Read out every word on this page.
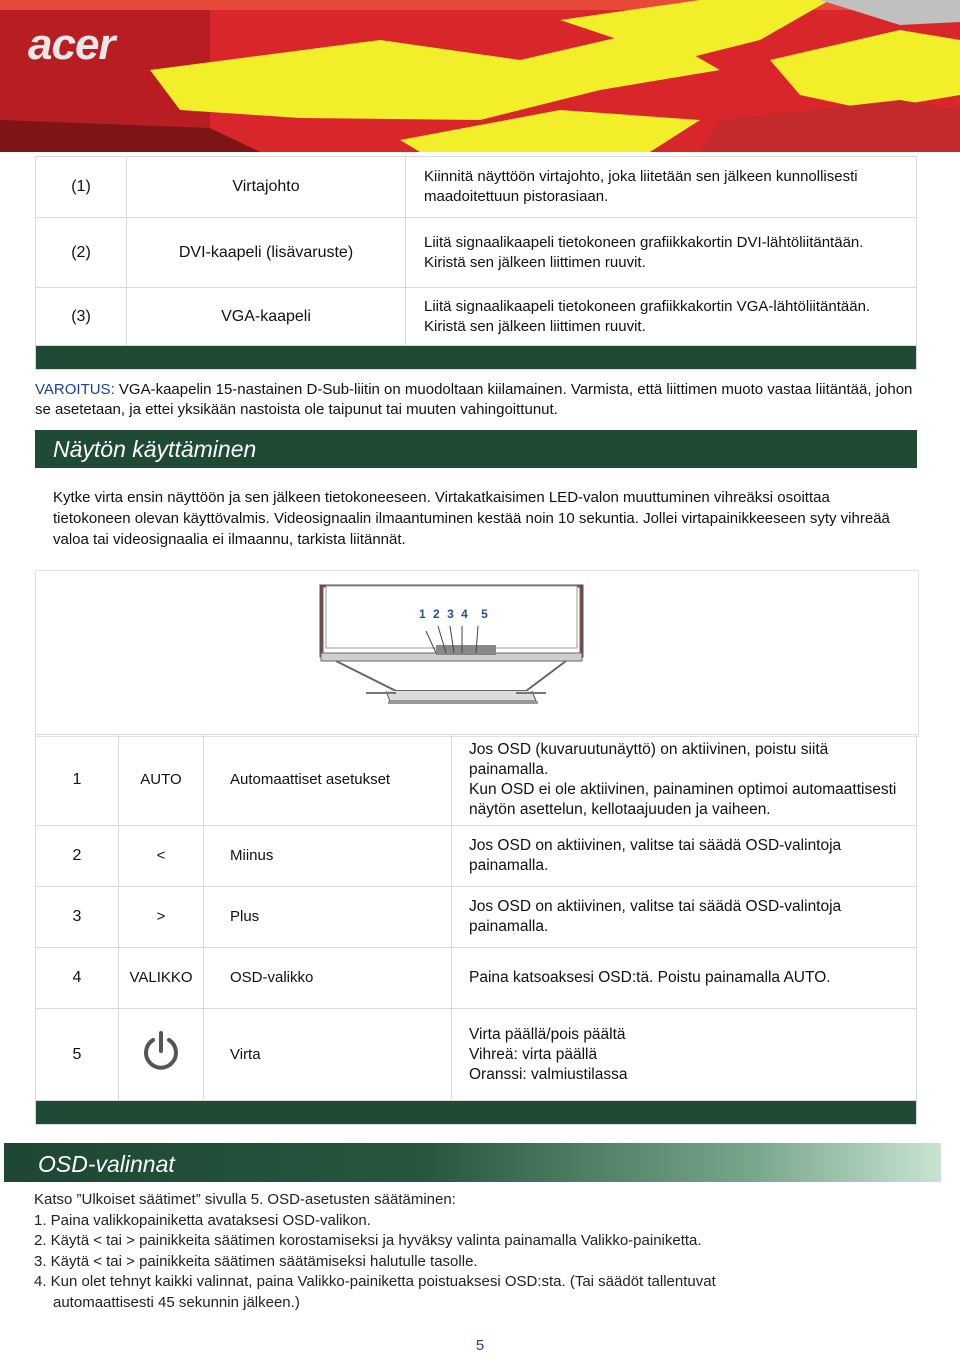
acer
(1)	Virtajohto	Kiinnitä näyttöön virtajohto, joka liitetään sen jälkeen kunnollisesti maadoitettuun pistorasiaan.
(2)	DVI-kaapeli (lisävaruste)	Liitä signaalikaapeli tietokoneen grafiikkakortin DVI-lähtöliitäntään. Kiristä sen jälkeen liittimen ruuvit.
(3)	VGA-kaapeli	Liitä signaalikaapeli tietokoneen grafiikkakortin VGA-lähtöliitäntään. Kiristä sen jälkeen liittimen ruuvit.

VAROITUS: VGA-kaapelin 15-nastainen D-Sub-liitin on muodoltaan kiilamainen. Varmista, että liittimen muoto vastaa liitäntää, johon se asetetaan, ja ettei yksikään nastoista ole taipunut tai muuten vahingoittunut.
Näytön käyttäminen
Kytke virta ensin näyttöön ja sen jälkeen tietokoneeseen. Virtakatkaisimen LED-valon muuttuminen vihreäksi osoittaa tietokoneen olevan käyttövalmis. Videosignaalin ilmaantuminen kestää noin 10 sekuntia. Jollei virtapainikkeeseen syty vihreää valoa tai videosignaalia ei ilmaannu, tarkista liitännät.
1 2 3 4 5
1	AUTO	Automaattiset asetukset	Jos OSD (kuvaruutunäyttö) on aktiivinen, poistu siitä painamalla.
Kun OSD ei ole aktiivinen, painaminen optimoi automaattisesti
näytön asettelun, kellotaajuuden ja vaiheen.

2	<	Miinus	Jos OSD on aktiivinen, valitse tai säädä OSD-valintoja painamalla.

3	>	Plus	Jos OSD on aktiivinen, valitse tai säädä OSD-valintoja painamalla.

4	VALIKKO	OSD-valikko	Paina katsoaksesi OSD:tä. Poistu painamalla AUTO.

5		Virta	Virta päällä/pois päältä
Vihreä: virta päällä
Oranssi: valmiustilassa

OSD-valinnat
Katso ”Ulkoiset säätimet” sivulla 5. OSD-asetusten säätäminen:
1. Paina valikkopainiketta avataksesi OSD-valikon.
2. Käytä < tai > painikkeita säätimen korostamiseksi ja hyväksy valinta painamalla Valikko-painiketta.
3. Käytä < tai > painikkeita säätimen säätämiseksi halutulle tasolle.
4. Kun olet tehnyt kaikki valinnat, paina Valikko-painiketta poistuaksesi OSD:sta. (Tai säädöt tallentuvat
automaattisesti 45 sekunnin jälkeen.)
5
